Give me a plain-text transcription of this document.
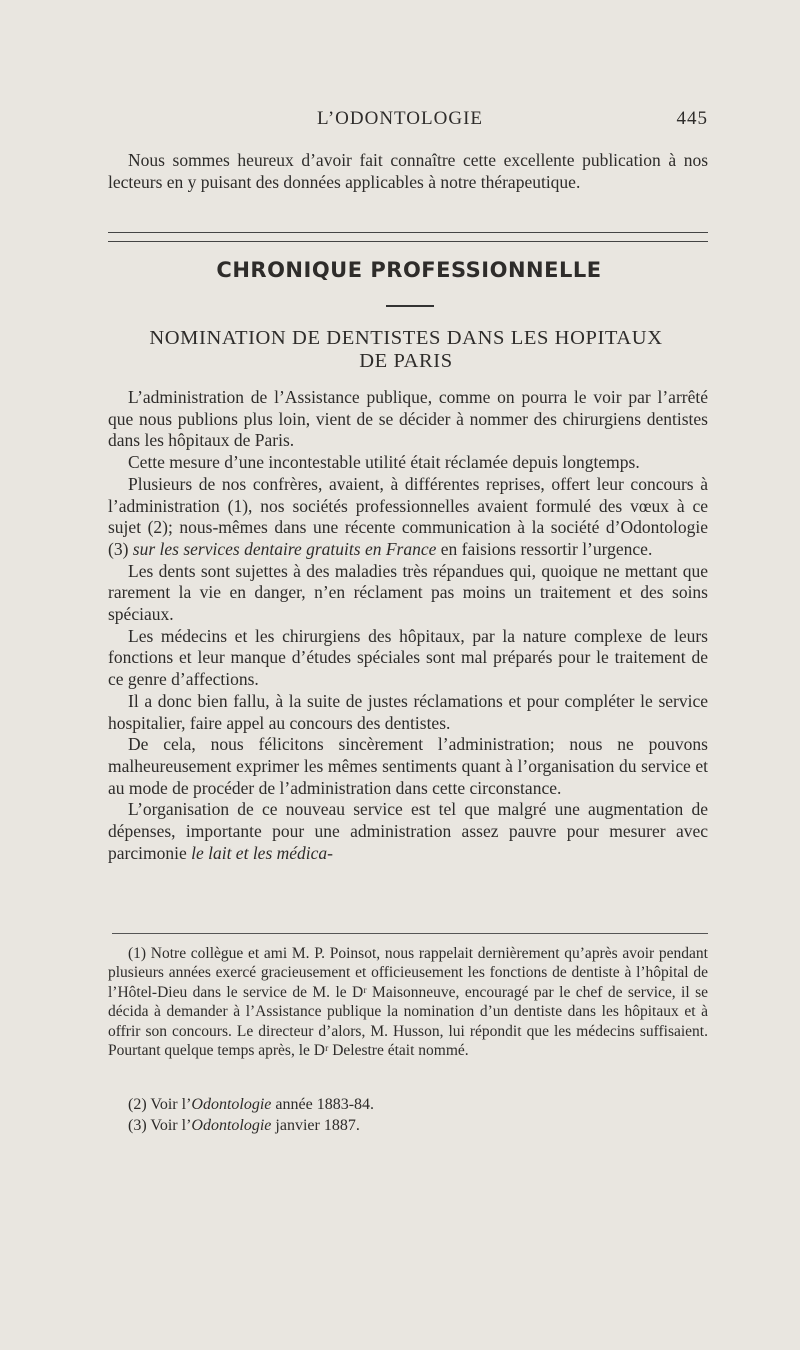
L’ODONTOLOGIE	445
Nous sommes heureux d’avoir fait connaître cette excellente publication à nos lecteurs en y puisant des données applicables à notre thérapeutique.
CHRONIQUE PROFESSIONNELLE
NOMINATION DE DENTISTES DANS LES HOPITAUX
DE PARIS

L’administration de l’Assistance publique, comme on pourra le voir par l’arrêté que nous publions plus loin, vient de se décider à nommer des chirurgiens dentistes dans les hôpitaux de Paris.

Cette mesure d’une incontestable utilité était réclamée depuis longtemps.

Plusieurs de nos confrères, avaient, à différentes reprises, offert leur concours à l’administration (1), nos sociétés professionnelles avaient formulé des vœux à ce sujet (2); nous-mêmes dans une récente communication à la société d’Odontologie (3) sur les services dentaire gratuits en France en faisions ressortir l’urgence.

Les dents sont sujettes à des maladies très répandues qui, quoique ne mettant que rarement la vie en danger, n’en réclament pas moins un traitement et des soins spéciaux.

Les médecins et les chirurgiens des hôpitaux, par la nature complexe de leurs fonctions et leur manque d’études spéciales sont mal préparés pour le traitement de ce genre d’affections.

Il a donc bien fallu, à la suite de justes réclamations et pour compléter le service hospitalier, faire appel au concours des dentistes.

De cela, nous félicitons sincèrement l’administration; nous ne pouvons malheureusement exprimer les mêmes sentiments quant à l’organisation du service et au mode de procéder de l’administration dans cette circonstance.

L’organisation de ce nouveau service est tel que malgré une augmentation de dépenses, importante pour une administration assez pauvre pour mesurer avec parcimonie le lait et les médica-

(1) Notre collègue et ami M. P. Poinsot, nous rappelait dernièrement qu’après avoir pendant plusieurs années exercé gracieusement et officieusement les fonctions de dentiste à l’hôpital de l’Hôtel-Dieu dans le service de M. le Dʳ Maisonneuve, encouragé par le chef de service, il se décida à demander à l’Assistance publique la nomination d’un dentiste dans les hôpitaux et à offrir son concours. Le directeur d’alors, M. Husson, lui répondit que les médecins suffisaient. Pourtant quelque temps après, le Dʳ Delestre était nommé.

(2) Voir l’Odontologie année 1883-84.
(3) Voir l’Odontologie janvier 1887.
